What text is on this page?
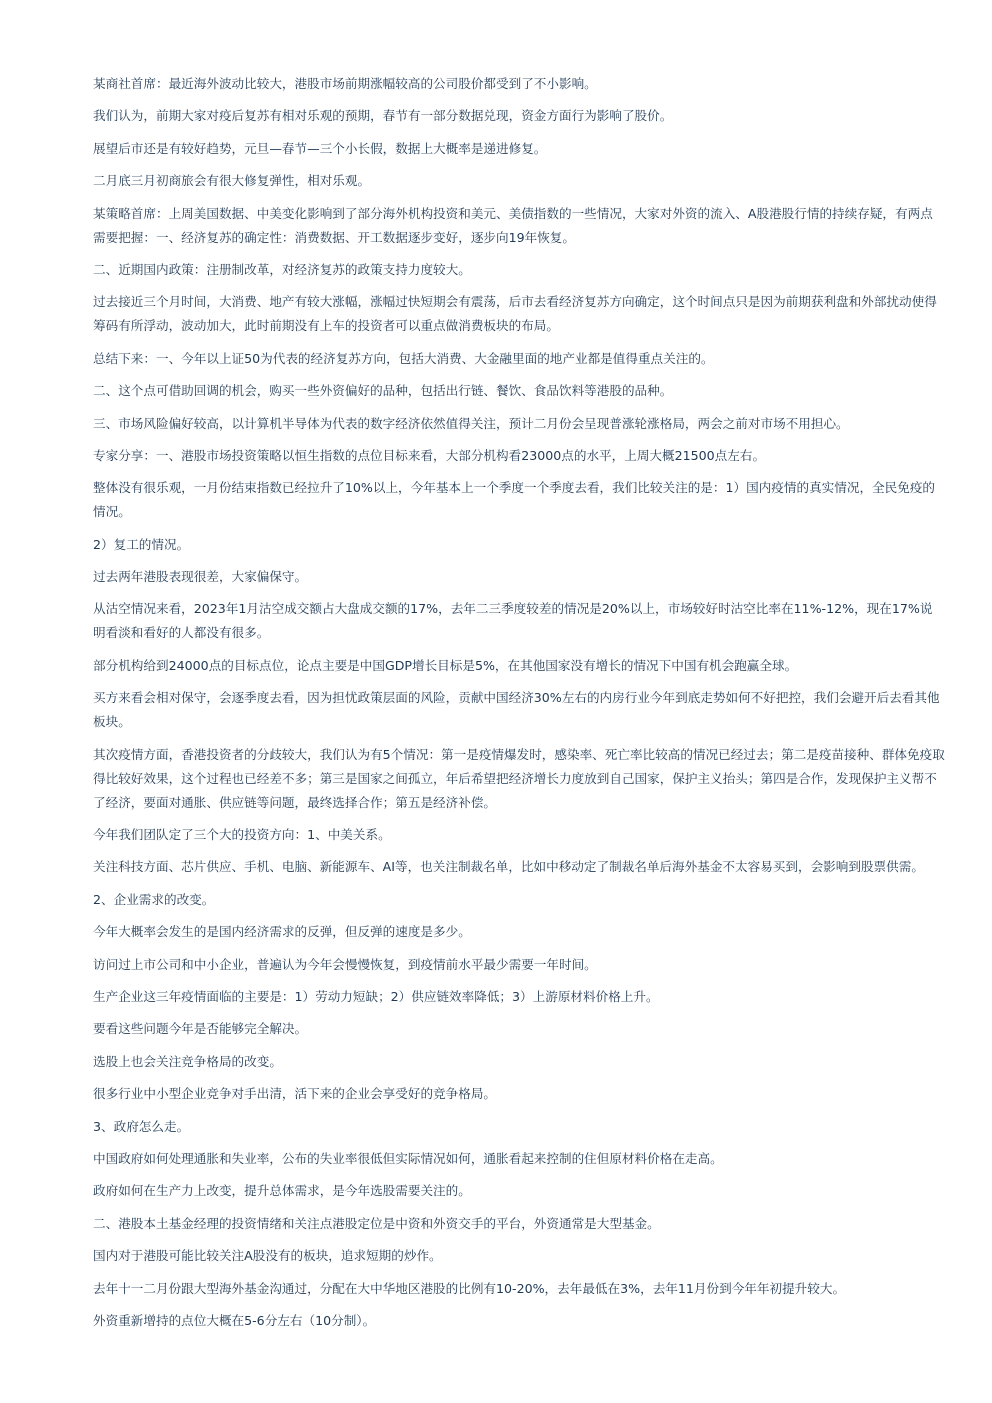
某商社首席：最近海外波动比较大，港股市场前期涨幅较高的公司股价都受到了不小影响。

我们认为，前期大家对疫后复苏有相对乐观的预期，春节有一部分数据兑现，资金方面行为影响了股价。

展望后市还是有较好趋势，元旦—春节—三个小长假，数据上大概率是递进修复。

二月底三月初商旅会有很大修复弹性，相对乐观。

某策略首席：上周美国数据、中美变化影响到了部分海外机构投资和美元、美债指数的一些情况，大家对外资的流入、A股港股行情的持续存疑，有两点需要把握：一、经济复苏的确定性：消费数据、开工数据逐步变好，逐步向19年恢复。

二、近期国内政策：注册制改革，对经济复苏的政策支持力度较大。

过去接近三个月时间，大消费、地产有较大涨幅，涨幅过快短期会有震荡，后市去看经济复苏方向确定，这个时间点只是因为前期获利盘和外部扰动使得筹码有所浮动，波动加大，此时前期没有上车的投资者可以重点做消费板块的布局。

总结下来：一、今年以上证50为代表的经济复苏方向，包括大消费、大金融里面的地产业都是值得重点关注的。

二、这个点可借助回调的机会，购买一些外资偏好的品种，包括出行链、餐饮、食品饮料等港股的品种。

三、市场风险偏好较高，以计算机半导体为代表的数字经济依然值得关注，预计二月份会呈现普涨轮涨格局，两会之前对市场不用担心。

专家分享：一、港股市场投资策略以恒生指数的点位目标来看，大部分机构看23000点的水平，上周大概21500点左右。

整体没有很乐观，一月份结束指数已经拉升了10%以上，今年基本上一个季度一个季度去看，我们比较关注的是：1）国内疫情的真实情况，全民免疫的情况。

2）复工的情况。

过去两年港股表现很差，大家偏保守。

从沽空情况来看，2023年1月沽空成交额占大盘成交额的17%，去年二三季度较差的情况是20%以上，市场较好时沽空比率在11%-12%，现在17%说明看淡和看好的人都没有很多。

部分机构给到24000点的目标点位，论点主要是中国GDP增长目标是5%，在其他国家没有增长的情况下中国有机会跑赢全球。

买方来看会相对保守，会逐季度去看，因为担忧政策层面的风险，贡献中国经济30%左右的内房行业今年到底走势如何不好把控，我们会避开后去看其他板块。

其次疫情方面，香港投资者的分歧较大，我们认为有5个情况：第一是疫情爆发时，感染率、死亡率比较高的情况已经过去；第二是疫苗接种、群体免疫取得比较好效果，这个过程也已经差不多；第三是国家之间孤立，年后希望把经济增长力度放到自己国家，保护主义抬头；第四是合作，发现保护主义帮不了经济，要面对通胀、供应链等问题，最终选择合作；第五是经济补偿。

今年我们团队定了三个大的投资方向：1、中美关系。

关注科技方面、芯片供应、手机、电脑、新能源车、AI等，也关注制裁名单，比如中移动定了制裁名单后海外基金不太容易买到，会影响到股票供需。

2、企业需求的改变。

今年大概率会发生的是国内经济需求的反弹，但反弹的速度是多少。

访问过上市公司和中小企业，普遍认为今年会慢慢恢复，到疫情前水平最少需要一年时间。

生产企业这三年疫情面临的主要是：1）劳动力短缺；2）供应链效率降低；3）上游原材料价格上升。

要看这些问题今年是否能够完全解决。

选股上也会关注竞争格局的改变。

很多行业中小型企业竞争对手出清，活下来的企业会享受好的竞争格局。

3、政府怎么走。

中国政府如何处理通胀和失业率，公布的失业率很低但实际情况如何，通胀看起来控制的住但原材料价格在走高。

政府如何在生产力上改变，提升总体需求，是今年选股需要关注的。

二、港股本土基金经理的投资情绪和关注点港股定位是中资和外资交手的平台，外资通常是大型基金。

国内对于港股可能比较关注A股没有的板块，追求短期的炒作。

去年十一二月份跟大型海外基金沟通过，分配在大中华地区港股的比例有10-20%，去年最低在3%，去年11月份到今年年初提升较大。

外资重新增持的点位大概在5-6分左右（10分制）。
